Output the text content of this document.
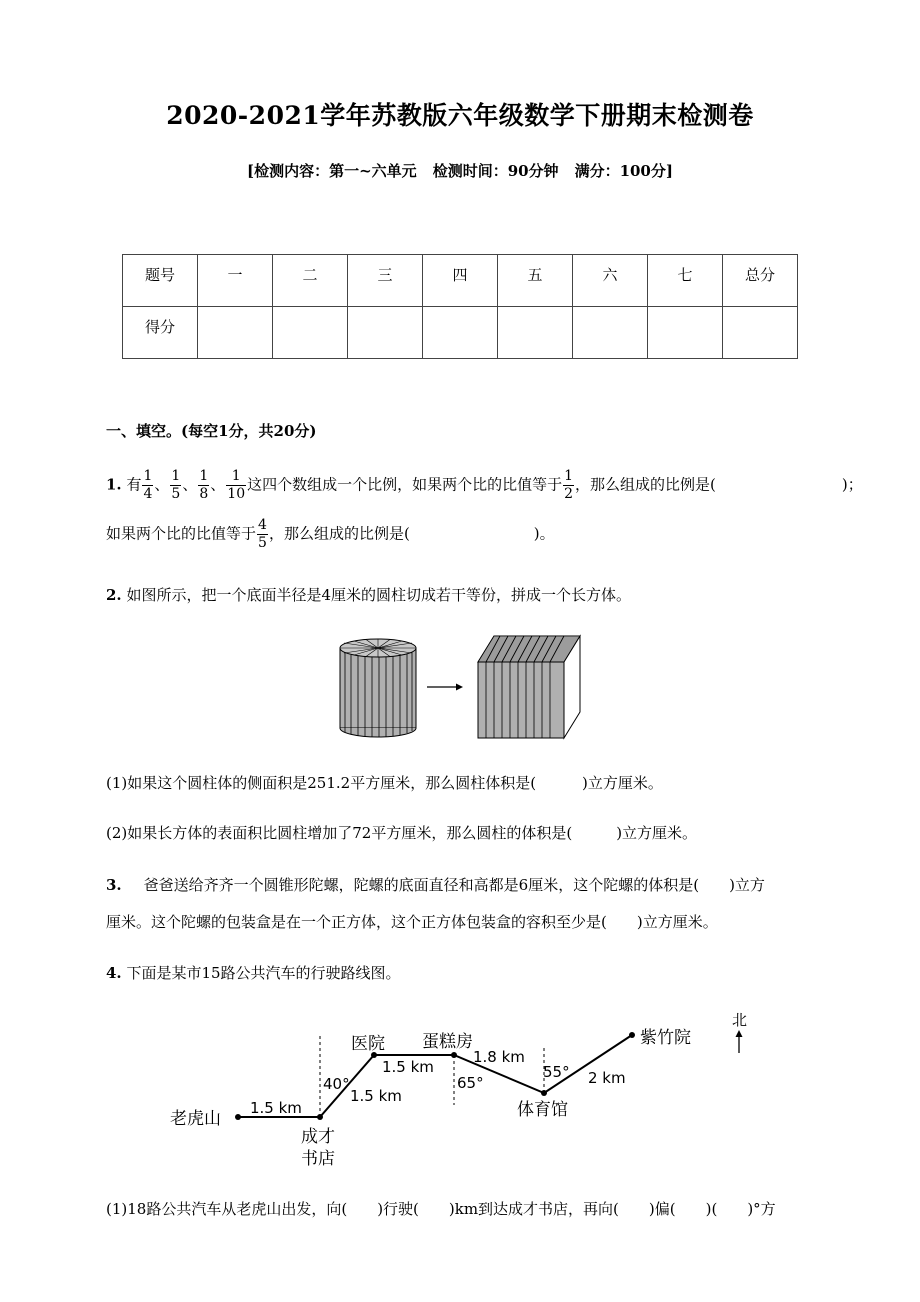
2020-2021学年苏教版六年级数学下册期末检测卷
[检测内容：第一~六单元 检测时间：90分钟 满分：100分]
题号	一	二	三	四	五	六	七	总分
得分								
一、填空。(每空1分，共20分)
1. 有 $\frac{1}{4}$ 、 $\frac{1}{5}$ 、 $\frac{1}{8}$ 、 $\frac{1}{10}$ 这四个数组成一个比例，如果两个比的比值等于 $\frac{1}{2}$ ，那么组成的比例是(	)；
如果两个比的比值等于 $\frac{4}{5}$ ，那么组成的比例是(	)。
2. 如图所示，把一个底面半径是4厘米的圆柱切成若干等份，拼成一个长方体。
(1)如果这个圆柱体的侧面积是251.2平方厘米，那么圆柱体积是(	)立方厘米。
(2)如果长方体的表面积比圆柱增加了72平方厘米，那么圆柱的体积是(	)立方厘米。
3. 爸爸送给齐齐一个圆锥形陀螺，陀螺的底面直径和高都是6厘米，这个陀螺的体积是( )立方
厘米。这个陀螺的包装盒是在一个正方体，这个正方体包装盒的容积至少是( )立方厘米。
4. 下面是某市15路公共汽车的行驶路线图。
老虎山
成才
书店
医院 蛋糕房
体育馆
紫竹院
1.5 km
1.5 km
1.5 km
1.8 km
2 km
40°	65°
55°
北
(1)18路公共汽车从老虎山出发，向(  )行驶(  )km到达成才书店，再向(  )偏(  )(  )°方
